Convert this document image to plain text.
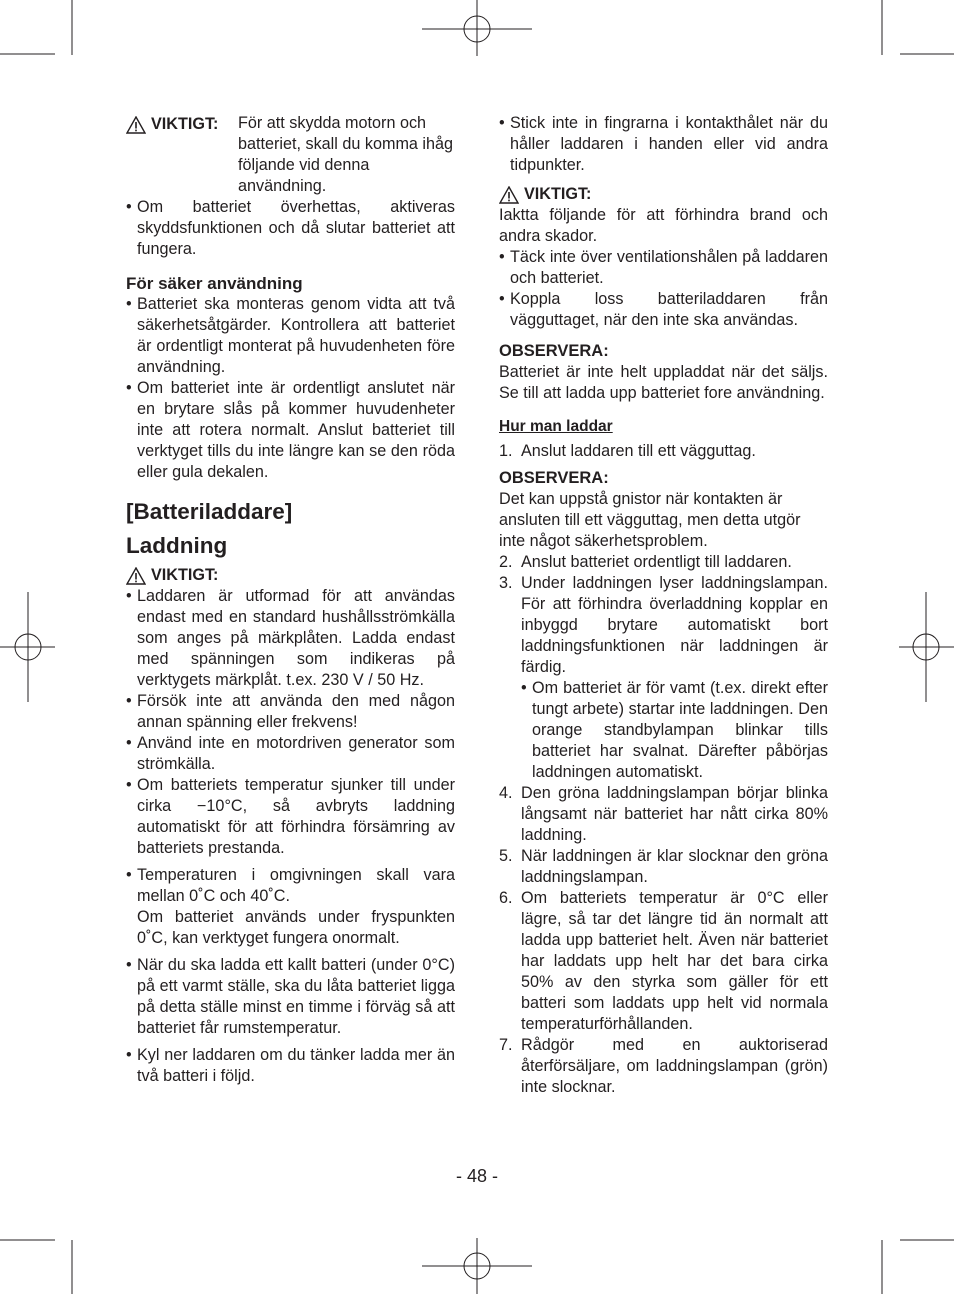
VIKTIGT: För att skydda motorn och batteriet, skall du komma ihåg följande vid denna användning.
• Om batteriet överhettas, aktiveras skyddsfunktionen och då slutar batteriet att fungera.
För säker användning
• Batteriet ska monteras genom vidta att två säkerhetsåtgärder. Kontrollera att batteriet är ordentligt monterat på huvudenheten före användning.
• Om batteriet inte är ordentligt anslutet när en brytare slås på kommer huvudenheter inte att rotera normalt. Anslut batteriet till verktyget tills du inte längre kan se den röda eller gula dekalen.
[Batteriladdare]
Laddning

VIKTIGT:

• Laddaren är utformad för att användas endast med en standard hushållsströmkälla som anges på märkplåten. Ladda endast med spänningen som indikeras på verktygets märkplåt. t.ex. 230 V / 50 Hz.
• Försök inte att använda den med någon annan spänning eller frekvens!
• Använd inte en motordriven generator som strömkälla.
• Om batteriets temperatur sjunker till under cirka −10°C, så avbryts laddning automatiskt för att förhindra försämring av batteriets prestanda.
• Temperaturen i omgivningen skall vara mellan 0˚C och 40˚C.
Om batteriet används under fryspunkten 0˚C, kan verktyget fungera onormalt.
• När du ska ladda ett kallt batteri (under 0°C) på ett varmt ställe, ska du låta batteriet ligga på detta ställe minst en timme i förväg så att batteriet får rumstemperatur.
• Kyl ner laddaren om du tänker ladda mer än två batteri i följd.
• Stick inte in fingrarna i kontakthålet när du håller laddaren i handen eller vid andra tidpunkter.

VIKTIGT:

Iaktta följande för att förhindra brand och andra skador.

• Täck inte över ventilationshålen på laddaren och batteriet.
• Koppla loss batteriladdaren från vägguttaget, när den inte ska användas.

OBSERVERA:

Batteriet är inte helt uppladdat när det säljs. Se till att ladda upp batteriet fore användning.

Hur man laddar

1. Anslut laddaren till ett vägguttag.

OBSERVERA:

Det kan uppstå gnistor när kontakten är ansluten till ett vägguttag, men detta utgör inte något säkerhetsproblem.

2. Anslut batteriet ordentligt till laddaren.
3. Under laddningen lyser laddningslampan. För att förhindra överladdning kopplar en inbyggd brytare automatiskt bort laddningsfunktionen när laddningen är färdig.
• Om batteriet är för vamt (t.ex. direkt efter tungt arbete) startar inte laddningen. Den orange standbylampan blinkar tills batteriet har svalnat. Därefter påbörjas laddningen automatiskt.
4. Den gröna laddningslampan börjar blinka långsamt när batteriet har nått cirka 80% laddning.
5. När laddningen är klar slocknar den gröna laddningslampan.
6. Om batteriets temperatur är 0°C eller lägre, så tar det längre tid än normalt att ladda upp batteriet helt. Även när batteriet har laddats upp helt har det bara cirka 50% av den styrka som gäller för ett batteri som laddats upp helt vid normala temperaturförhållanden.
7. Rådgör med en auktoriserad återförsäljare, om laddningslampan (grön) inte slocknar.
- 48 -
